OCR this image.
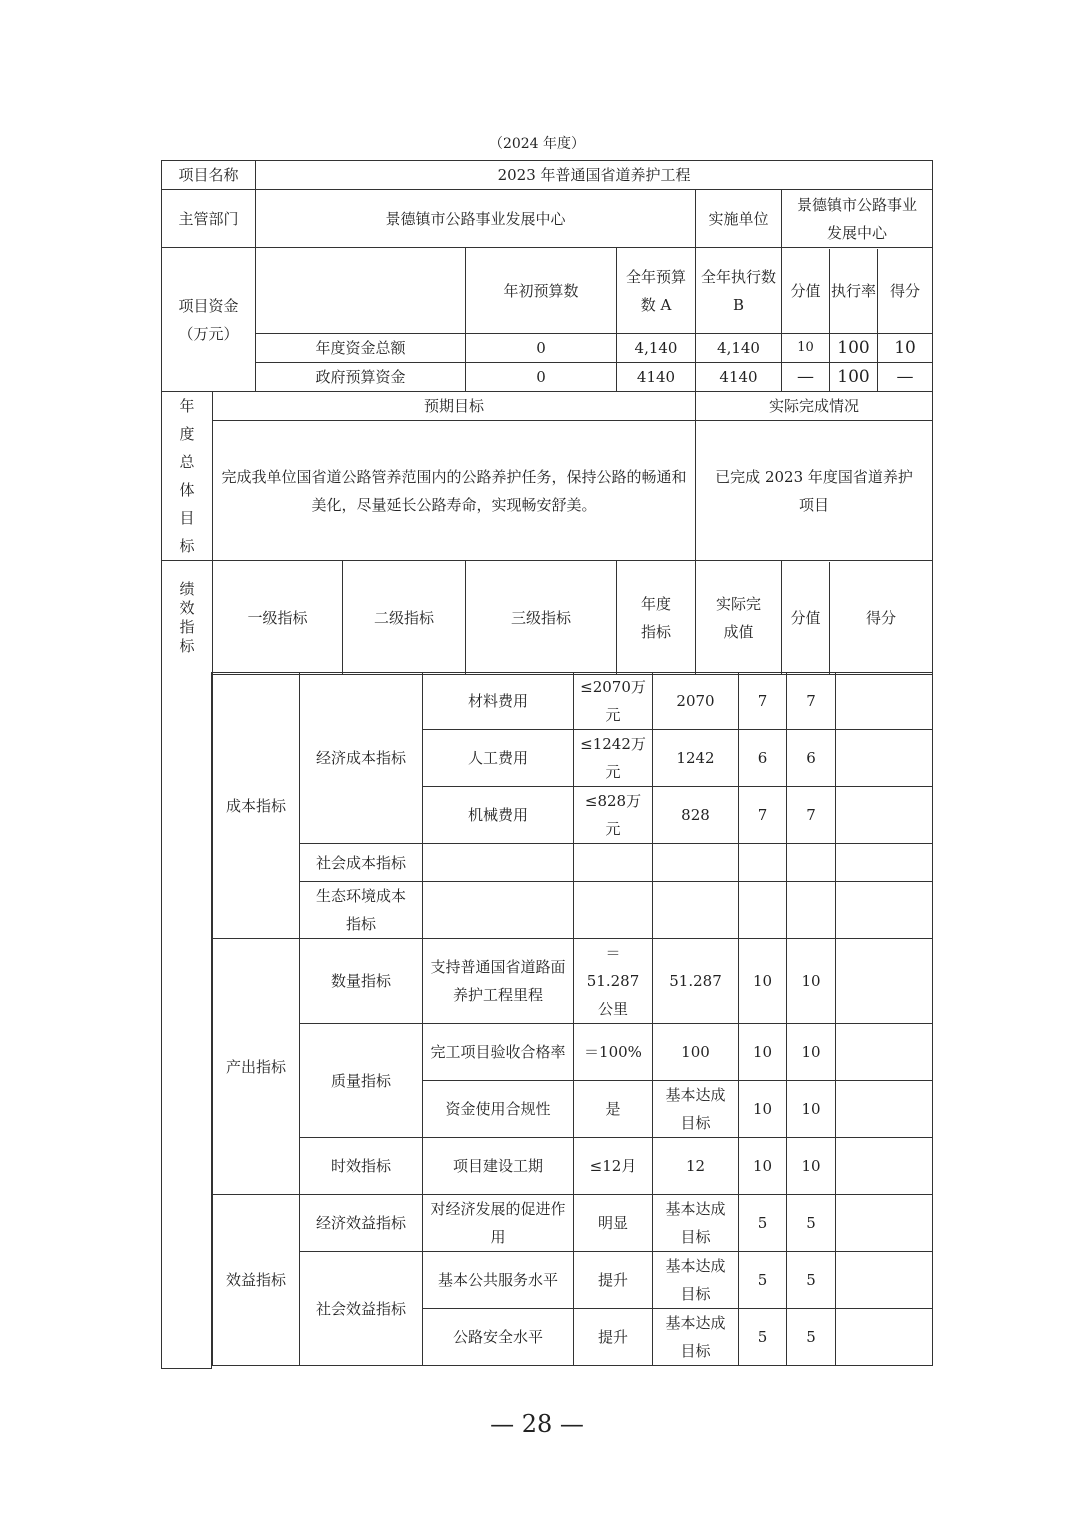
（2024 年度）
项目名称		2023 年普通国省道养护工程					
主管部门		景德镇市公路事业发展中心				实施单位	景德镇市公路事业发展中心
项目资金（万元）				年初预算数	全年预算数 A	全年执行数 B	分值 执行率 得分

		年度资金总额		0	4,140	4,140	10 100 10

		政府预算资金		0	4140	4140	— 100 —

年度总体目标	预期目标					实际完成情况	
	完成我单位国省道公路管养范围内的公路养护任务，保持公路的畅通和美化，尽量延长公路寿命，实现畅安舒美。					已完成 2023 年度国省道养护项目	

绩效指标	一级指标		二级指标	三级指标	年度指标	实际完成值	分值 得分
成本指标	经济成本指标	材料费用	≤2070万元	2070	7	7	
		人工费用	≤1242万元	1242	6	6	
		机械费用	≤828万元	828	7	7	
	社会成本指标						
	生态环境成本指标						
产出指标	数量指标	支持普通国省道路面养护工程里程	＝51.287公里	51.287	10	10	
	质量指标	完工项目验收合格率	＝100%	100	10	10	
		资金使用合规性	是	基本达成目标	10	10	
	时效指标	项目建设工期	≤12月	12	10	10	
效益指标	经济效益指标	对经济发展的促进作用	明显	基本达成目标	5	5	
	社会效益指标	基本公共服务水平	提升	基本达成目标	5	5	
		公路安全水平	提升	基本达成目标	5	5	
— 28 —
